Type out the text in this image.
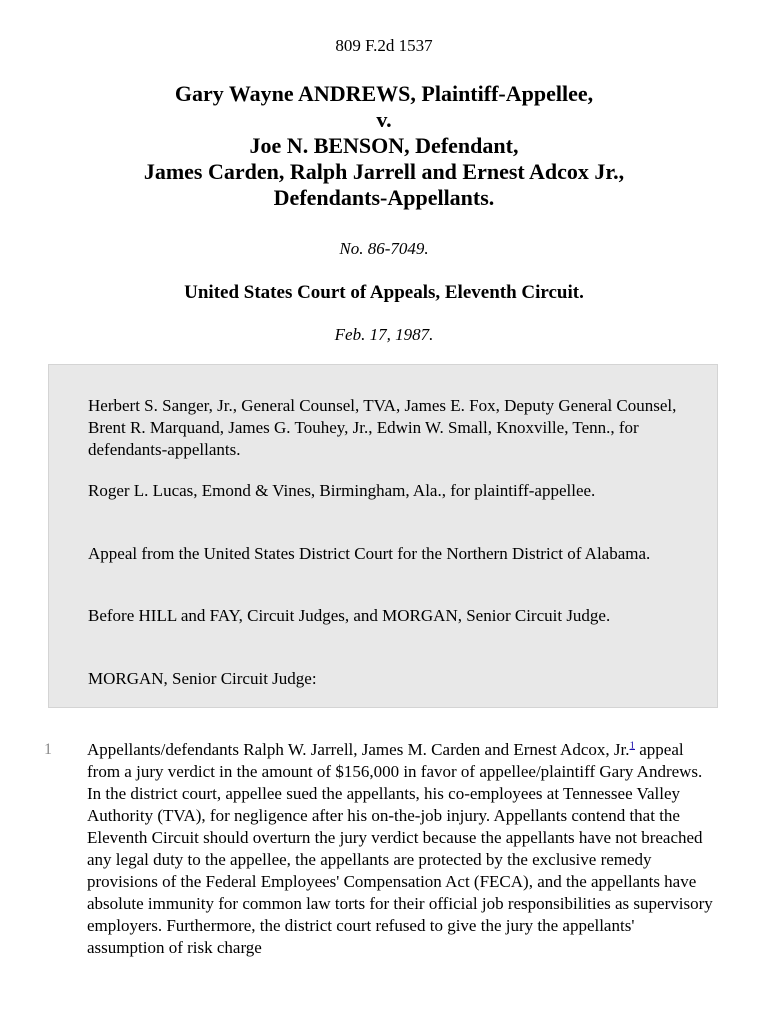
809 F.2d 1537
Gary Wayne ANDREWS, Plaintiff-Appellee,
v.
Joe N. BENSON, Defendant,
James Carden, Ralph Jarrell and Ernest Adcox Jr.,
Defendants-Appellants.
No. 86-7049.
United States Court of Appeals, Eleventh Circuit.
Feb. 17, 1987.

Herbert S. Sanger, Jr., General Counsel, TVA, James E. Fox, Deputy General Counsel, Brent R. Marquand, James G. Touhey, Jr., Edwin W. Small, Knoxville, Tenn., for defendants-appellants.

Roger L. Lucas, Emond & Vines, Birmingham, Ala., for plaintiff-appellee.

Appeal from the United States District Court for the Northern District of Alabama.

Before HILL and FAY, Circuit Judges, and MORGAN, Senior Circuit Judge.

MORGAN, Senior Circuit Judge:

1 Appellants/defendants Ralph W. Jarrell, James M. Carden and Ernest Adcox, Jr.$^1$ appeal from a jury verdict in the amount of $156,000 in favor of appellee/plaintiff Gary Andrews. In the district court, appellee sued the appellants, his co-employees at Tennessee Valley Authority (TVA), for negligence after his on-the-job injury. Appellants contend that the Eleventh Circuit should overturn the jury verdict because the appellants have not breached any legal duty to the appellee, the appellants are protected by the exclusive remedy provisions of the Federal Employees' Compensation Act (FECA), and the appellants have absolute immunity for common law torts for their official job responsibilities as supervisory employers. Furthermore, the district court refused to give the jury the appellants' assumption of risk charge
